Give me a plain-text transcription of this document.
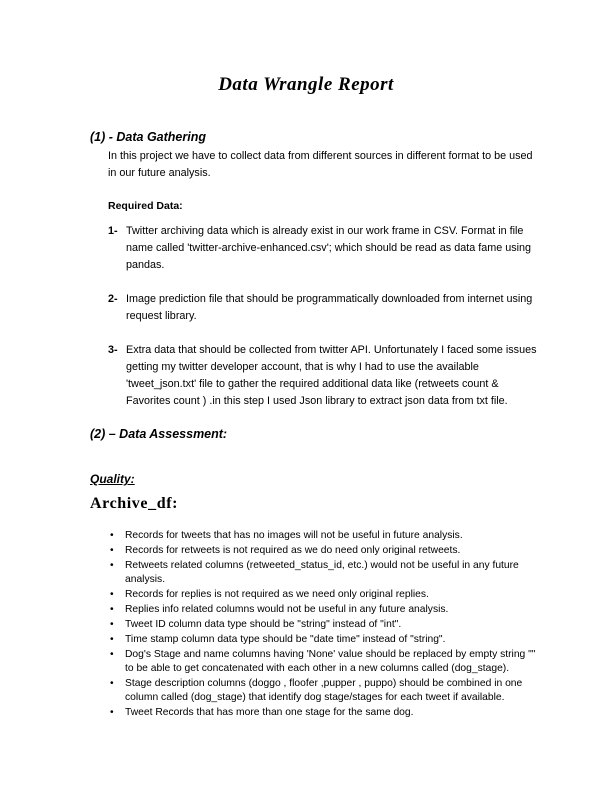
Data Wrangle Report
(1) - Data Gathering

In this project we have to collect data from different sources in different format to be used in our future analysis.

Required Data:

1- Twitter archiving data which is already exist in our work frame in CSV. Format in file name called 'twitter-archive-enhanced.csv'; which should be read as data fame using pandas.
2- Image prediction file that should be programmatically downloaded from internet using request library.
3- Extra data that should be collected from twitter API. Unfortunately I faced some issues getting my twitter developer account, that is why I had to use the available 'tweet_json.txt' file to gather the required additional data like (retweets count & Favorites count ) .in this step I used Json library to extract json data from txt file.
(2) – Data Assessment:
Quality:
Archive_df:
•	Records for tweets that has no images will not be useful in future analysis.
•	Records for retweets is not required as we do need only original retweets.
•	Retweets related columns (retweeted_status_id, etc.) would not be useful in any future analysis.
•	Records for replies is not required as we need only original replies.
•	Replies info related columns would not be useful in any future analysis.
•	Tweet ID column data type should be "string" instead of "int".
•	Time stamp column data type should be "date time" instead of "string".
•	Dog's Stage and name columns having 'None' value should be replaced by empty string "" to be able to get concatenated with each other in a new columns called (dog_stage).
•	Stage description columns (doggo , floofer ,pupper , puppo) should be combined in one column called (dog_stage) that identify dog stage/stages for each tweet if available.
•	Tweet Records that has more than one stage for the same dog.
